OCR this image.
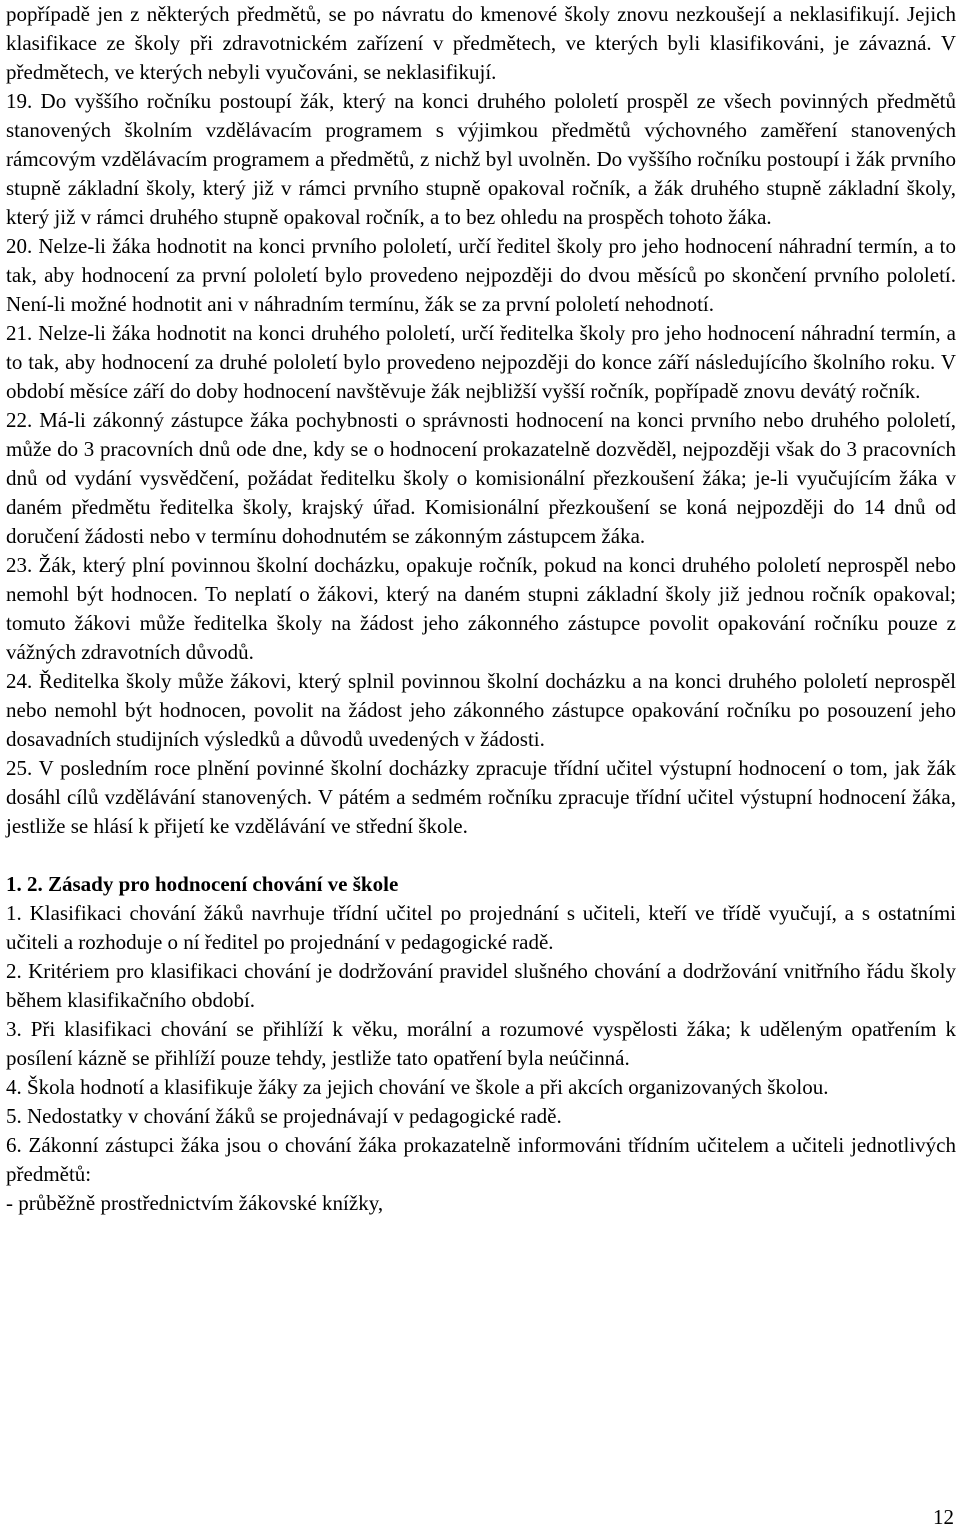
popřípadě jen z některých předmětů, se po návratu do kmenové školy znovu nezkoušejí a neklasifikují. Jejich klasifikace ze školy při zdravotnickém zařízení v předmětech, ve kterých byli klasifikováni, je závazná. V předmětech, ve kterých nebyli vyučováni, se neklasifikují.

19. Do vyššího ročníku postoupí žák, který na konci druhého pololetí prospěl ze všech povinných předmětů stanovených školním vzdělávacím programem s výjimkou předmětů výchovného zaměření stanovených rámcovým vzdělávacím programem a předmětů, z nichž byl uvolněn. Do vyššího ročníku postoupí i žák prvního stupně základní školy, který již v rámci prvního stupně opakoval ročník, a žák druhého stupně základní školy, který již v rámci druhého stupně opakoval ročník, a to bez ohledu na prospěch tohoto žáka.

20. Nelze-li žáka hodnotit na konci prvního pololetí, určí ředitel školy pro jeho hodnocení náhradní termín, a to tak, aby hodnocení za první pololetí bylo provedeno nejpozději do dvou měsíců po skončení prvního pololetí. Není-li možné hodnotit ani v náhradním termínu, žák se za první pololetí nehodnotí.

21. Nelze-li žáka hodnotit na konci druhého pololetí, určí ředitelka školy pro jeho hodnocení náhradní termín, a to tak, aby hodnocení za druhé pololetí bylo provedeno nejpozději do konce září následujícího školního roku. V období měsíce září do doby hodnocení navštěvuje žák nejbližší vyšší ročník, popřípadě znovu devátý ročník.

22. Má-li zákonný zástupce žáka pochybnosti o správnosti hodnocení na konci prvního nebo druhého pololetí, může do 3 pracovních dnů ode dne, kdy se o hodnocení prokazatelně dozvěděl, nejpozději však do 3 pracovních dnů od vydání vysvědčení, požádat ředitelku školy o komisionální přezkoušení žáka; je-li vyučujícím žáka v daném předmětu ředitelka školy, krajský úřad. Komisionální přezkoušení se koná nejpozději do 14 dnů od doručení žádosti nebo v termínu dohodnutém se zákonným zástupcem žáka.

23. Žák, který plní povinnou školní docházku, opakuje ročník, pokud na konci druhého pololetí neprospěl nebo nemohl být hodnocen. To neplatí o žákovi, který na daném stupni základní školy již jednou ročník opakoval; tomuto žákovi může ředitelka školy na žádost jeho zákonného zástupce povolit opakování ročníku pouze z vážných zdravotních důvodů.

24. Ředitelka školy může žákovi, který splnil povinnou školní docházku a na konci druhého pololetí neprospěl nebo nemohl být hodnocen, povolit na žádost jeho zákonného zástupce opakování ročníku po posouzení jeho dosavadních studijních výsledků a důvodů uvedených v žádosti.

25. V posledním roce plnění povinné školní docházky zpracuje třídní učitel výstupní hodnocení o tom, jak žák dosáhl cílů vzdělávání stanovených. V pátém a sedmém ročníku zpracuje třídní učitel výstupní hodnocení žáka, jestliže se hlásí k přijetí ke vzdělávání ve střední škole.

1. 2. Zásady pro hodnocení chování ve škole

1. Klasifikaci chování žáků navrhuje třídní učitel po projednání s učiteli, kteří ve třídě vyučují, a s ostatními učiteli a rozhoduje o ní ředitel po projednání v pedagogické radě.

2. Kritériem pro klasifikaci chování je dodržování pravidel slušného chování a dodržování vnitřního řádu školy během klasifikačního období.

3. Při klasifikaci chování se přihlíží k věku, morální a rozumové vyspělosti žáka; k uděleným opatřením k posílení kázně se přihlíží pouze tehdy, jestliže tato opatření byla neúčinná.

4. Škola hodnotí a klasifikuje žáky za jejich chování ve škole a při akcích organizovaných školou.

5. Nedostatky v chování žáků se projednávají v pedagogické radě.

6. Zákonní zástupci žáka jsou o chování žáka prokazatelně informováni třídním učitelem a učiteli jednotlivých předmětů:

- průběžně prostřednictvím žákovské knížky,

12
